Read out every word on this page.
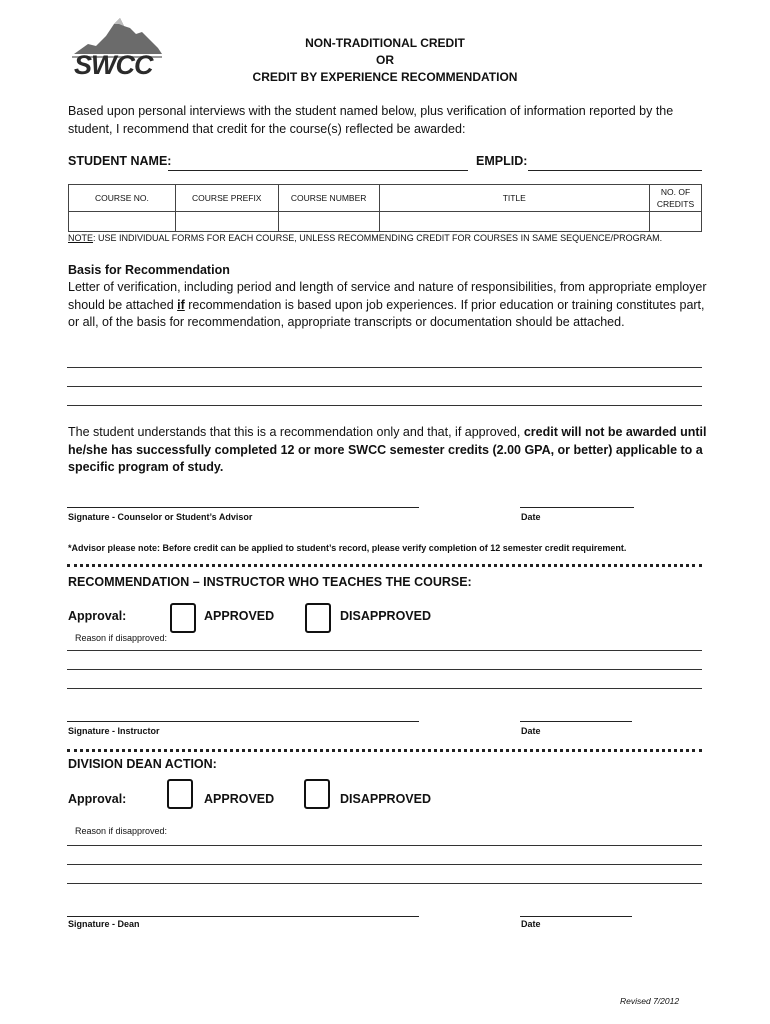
SWCC
NON-TRADITIONAL CREDIT
OR
CREDIT BY EXPERIENCE RECOMMENDATION
Based upon personal interviews with the student named below, plus verification of information reported by the student, I recommend that credit for the course(s) reflected be awarded:
STUDENT NAME:	EMPLID:
COURSE NO.	COURSE PREFIX	COURSE NUMBER	TITLE	NO. OF
CREDITS

NOTE: USE INDIVIDUAL FORMS FOR EACH COURSE, UNLESS RECOMMENDING CREDIT FOR COURSES IN SAME SEQUENCE/PROGRAM.
Basis for Recommendation
Letter of verification, including period and length of service and nature of responsibilities, from appropriate employer should be attached if recommendation is based upon job experiences. If prior education or training constitutes part, or all, of the basis for recommendation, appropriate transcripts or documentation should be attached.
The student understands that this is a recommendation only and that, if approved, credit will not be awarded until he/she has successfully completed 12 or more SWCC semester credits (2.00 GPA, or better) applicable to a specific program of study.
Signature - Counselor or Student’s Advisor	Date
*Advisor please note: Before credit can be applied to student’s record, please verify completion of 12 semester credit requirement.
RECOMMENDATION – INSTRUCTOR WHO TEACHES THE COURSE:
Approval:	APPROVED	DISAPPROVED
Reason if disapproved:
Signature - Instructor	Date
DIVISION DEAN ACTION:
Approval:	APPROVED	DISAPPROVED
Reason if disapproved:
Signature - Dean	Date
Revised 7/2012
